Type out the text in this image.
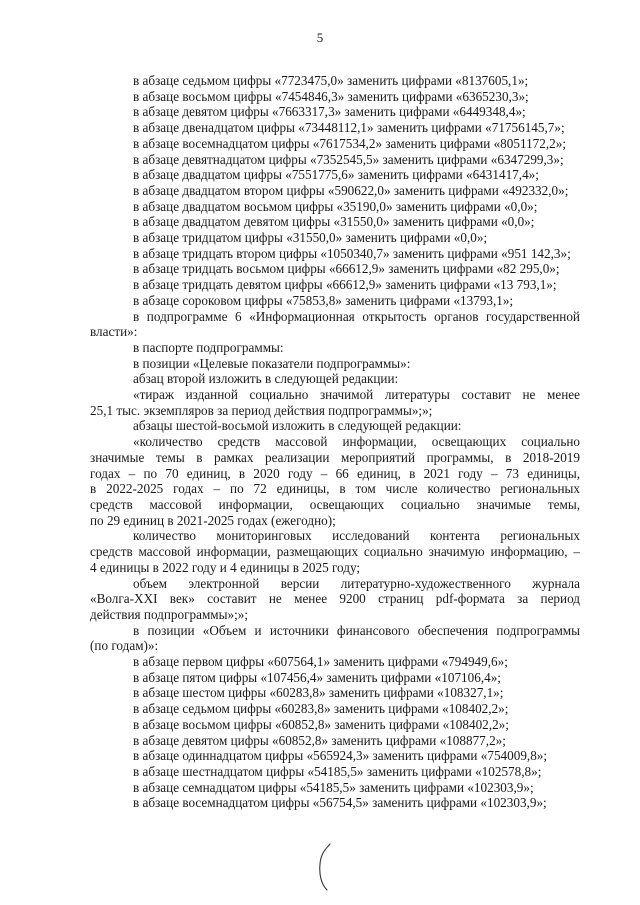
5
в абзаце седьмом цифры «7723475,0» заменить цифрами «8137605,1»;
в абзаце восьмом цифры «7454846,3» заменить цифрами «6365230,3»;
в абзаце девятом цифры «7663317,3» заменить цифрами «6449348,4»;
в абзаце двенадцатом цифры «73448112,1» заменить цифрами «71756145,7»;
в абзаце восемнадцатом цифры «7617534,2» заменить цифрами «8051172,2»;
в абзаце девятнадцатом цифры «7352545,5» заменить цифрами «6347299,3»;
в абзаце двадцатом цифры «7551775,6» заменить цифрами «6431417,4»;
в абзаце двадцатом втором цифры «590622,0» заменить цифрами «492332,0»;
в абзаце двадцатом восьмом цифры «35190,0» заменить цифрами «0,0»;
в абзаце двадцатом девятом цифры «31550,0» заменить цифрами «0,0»;
в абзаце тридцатом цифры «31550,0» заменить цифрами «0,0»;
в абзаце тридцать втором цифры «1050340,7» заменить цифрами «951 142,3»;
в абзаце тридцать восьмом цифры «66612,9» заменить цифрами «82 295,0»;
в абзаце тридцать девятом цифры «66612,9» заменить цифрами «13 793,1»;
в абзаце сороковом цифры «75853,8» заменить цифрами «13793,1»;
в подпрограмме 6 «Информационная открытость органов государственной
власти»:
в паспорте подпрограммы:
в позиции «Целевые показатели подпрограммы»:
абзац второй изложить в следующей редакции:
«тираж изданной социально значимой литературы составит не менее
25,1 тыс. экземпляров за период действия подпрограммы»;»;
абзацы шестой-восьмой изложить в следующей редакции:
«количество средств массовой информации, освещающих социально
значимые темы в рамках реализации мероприятий программы, в 2018-2019
годах – по 70 единиц, в 2020 году – 66 единиц, в 2021 году – 73 единицы,
в 2022-2025 годах – по 72 единицы, в том числе количество региональных
средств массовой информации, освещающих социально значимые темы,
по 29 единиц в 2021-2025 годах (ежегодно);
количество мониторинговых исследований контента региональных
средств массовой информации, размещающих социально значимую информацию, –
4 единицы в 2022 году и 4 единицы в 2025 году;
объем электронной версии литературно-художественного журнала
«Волга-XXI век» составит не менее 9200 страниц pdf-формата за период
действия подпрограммы»;»;
в позиции «Объем и источники финансового обеспечения подпрограммы
(по годам)»:
в абзаце первом цифры «607564,1» заменить цифрами «794949,6»;
в абзаце пятом цифры «107456,4» заменить цифрами «107106,4»;
в абзаце шестом цифры «60283,8» заменить цифрами «108327,1»;
в абзаце седьмом цифры «60283,8» заменить цифрами «108402,2»;
в абзаце восьмом цифры «60852,8» заменить цифрами «108402,2»;
в абзаце девятом цифры «60852,8» заменить цифрами «108877,2»;
в абзаце одиннадцатом цифры «565924,3» заменить цифрами «754009,8»;
в абзаце шестнадцатом цифры «54185,5» заменить цифрами «102578,8»;
в абзаце семнадцатом цифры «54185,5» заменить цифрами «102303,9»;
в абзаце восемнадцатом цифры «56754,5» заменить цифрами «102303,9»;
